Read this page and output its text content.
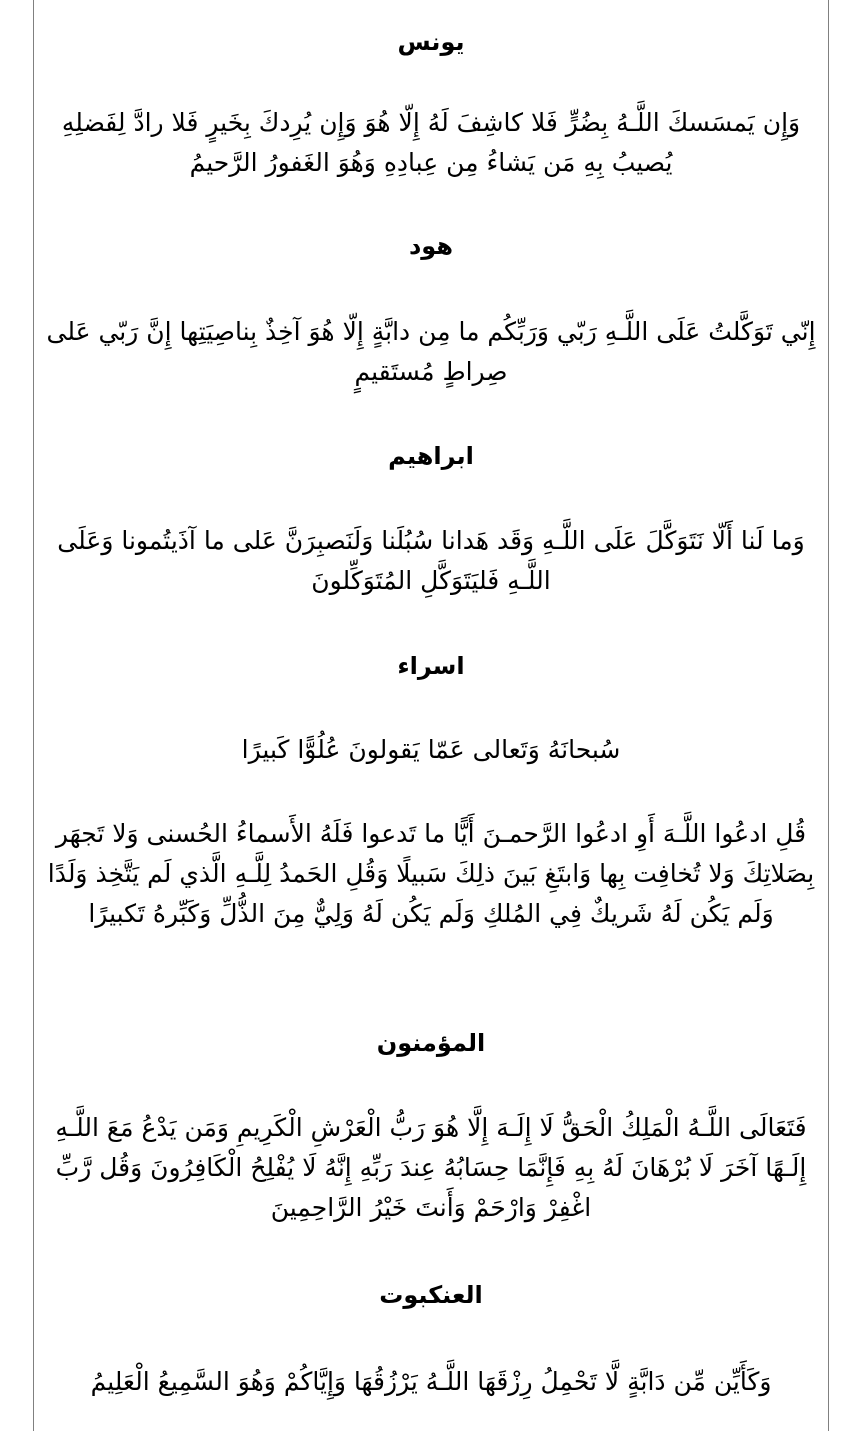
يونس
وَإِن يَمسَسكَ اللَّـهُ بِضُرٍّ فَلا كاشِفَ لَهُ إِلّا هُوَ وَإِن يُرِدكَ بِخَيرٍ فَلا رادَّ لِفَضلِهِ يُصيبُ بِهِ مَن يَشاءُ مِن عِبادِهِ وَهُوَ الغَفورُ الرَّحيمُ
هود
إِنّي تَوَكَّلتُ عَلَى اللَّـهِ رَبّي وَرَبِّكُم ما مِن دابَّةٍ إِلّا هُوَ آخِذٌ بِناصِيَتِها إِنَّ رَبّي عَلى صِراطٍ مُستَقيمٍ
ابراهيم
وَما لَنا أَلّا نَتَوَكَّلَ عَلَى اللَّـهِ وَقَد هَدانا سُبُلَنا وَلَنَصبِرَنَّ عَلى ما آذَيتُمونا وَعَلَى اللَّـهِ فَليَتَوَكَّلِ المُتَوَكِّلونَ
اسراء
سُبحانَهُ وَتَعالى عَمّا يَقولونَ عُلُوًّا كَبيرًا
قُلِ ادعُوا اللَّـهَ أَوِ ادعُوا الرَّحمـنَ أَيًّا ما تَدعوا فَلَهُ الأَسماءُ الحُسنى وَلا تَجهَر بِصَلاتِكَ وَلا تُخافِت بِها وَابتَغِ بَينَ ذلِكَ سَبيلًا وَقُلِ الحَمدُ لِلَّـهِ الَّذي لَم يَتَّخِذ وَلَدًا وَلَم يَكُن لَهُ شَريكٌ فِي المُلكِ وَلَم يَكُن لَهُ وَلِيٌّ مِنَ الذُّلِّ وَكَبِّرهُ تَكبيرًا
المؤمنون
فَتَعَالَى اللَّـهُ الْمَلِكُ الْحَقُّ لَا إِلَـهَ إِلَّا هُوَ رَبُّ الْعَرْشِ الْكَرِيمِ وَمَن يَدْعُ مَعَ اللَّـهِ إِلَـهًا آخَرَ لَا بُرْهَانَ لَهُ بِهِ فَإِنَّمَا حِسَابُهُ عِندَ رَبِّهِ إِنَّهُ لَا يُفْلِحُ الْكَافِرُونَ وَقُل رَّبِّ اغْفِرْ وَارْحَمْ وَأَنتَ خَيْرُ الرَّاحِمِينَ
العنكبوت
وَكَأَيِّن مِّن دَابَّةٍ لَّا تَحْمِلُ رِزْقَهَا اللَّـهُ يَرْزُقُهَا وَإِيَّاكُمْ وَهُوَ السَّمِيعُ الْعَلِيمُ
